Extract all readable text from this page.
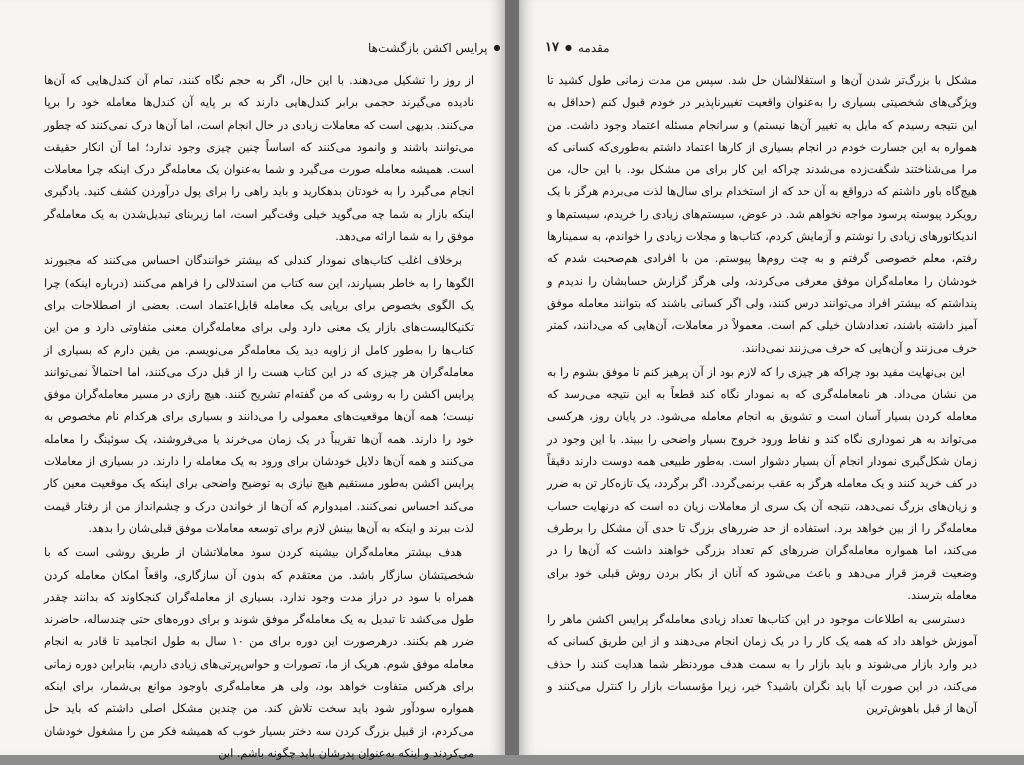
●
پرایس اکشن بازگشت‌ها

از روز را تشکیل می‌دهند. با این حال، اگر به حجم نگاه کنند، تمام آن کندل‌هایی که آن‌ها نادیده می‌گیرند حجمی برابر کندل‌هایی دارند که بر پایه آن کندل‌ها معامله خود را برپا می‌کنند. بدیهی است که معاملات زیادی در حال انجام است، اما آن‌ها درک نمی‌کنند که چطور می‌توانند باشند و وانمود می‌کنند که اساساً چنین چیزی وجود ندارد؛ اما آن انکار حقیقت است. همیشه معامله صورت می‌گیرد و شما به‌عنوان یک معامله‌گر درک اینکه چرا معاملات انجام می‌گیرد را به خودتان بدهکارید و باید راهی را برای پول درآوردن کشف کنید. یادگیری اینکه بازار به شما چه می‌گوید خیلی وقت‌گیر است، اما زیربنای تبدیل‌شدن به یک معامله‌گر موفق را به شما ارائه می‌دهد.

برخلاف اغلب کتاب‌های نمودار کندلی که بیشتر خوانندگان احساس می‌کنند که مجبورند الگوها را به خاطر بسپارند، این سه کتاب من استدلالی را فراهم می‌کنند (درباره اینکه) چرا یک الگوی بخصوص برای برپایی یک معامله قابل‌اعتماد است. بعضی از اصطلاحات برای تکنیکالیست‌های بازار یک معنی دارد ولی برای معامله‌گران معنی متفاوتی دارد و من این کتاب‌ها را به‌طور کامل از زاویه دید یک معامله‌گر می‌نویسم. من یقین دارم که بسیاری از معامله‌گران هر چیزی که در این کتاب هست را از قبل درک می‌کنند، اما احتمالاً نمی‌توانند پرایس اکشن را به روشی که من گفته‌ام تشریح کنند. هیچ رازی در مسیر معامله‌گران موفق نیست؛ همه آن‌ها موقعیت‌های معمولی را می‌دانند و بسیاری برای هرکدام نام مخصوص به خود را دارند. همه آن‌ها تقریباً در یک زمان می‌خرند یا می‌فروشند، یک سوئینگ را معامله می‌کنند و همه آن‌ها دلایل خودشان برای ورود به یک معامله را دارند. در بسیاری از معاملات پرایس اکشن به‌طور مستقیم هیچ نیازی به توضیح واضحی برای اینکه یک موقعیت معین کار می‌کند احساس نمی‌کنند. امیدوارم که آن‌ها از خواندن درک و چشم‌انداز من از رفتار قیمت لذت ببرند و اینکه به آن‌ها بینش لازم برای توسعه معاملات موفق قبلی‌شان را بدهد.

هدف بیشتر معامله‌گران بیشینه کردن سود معاملاتشان از طریق روشی است که با شخصیتشان سازگار باشد. من معتقدم که بدون آن سازگاری، واقعاً امکان معامله کردن همراه با سود در دراز مدت وجود ندارد. بسیاری از معامله‌گران کنجکاوند که بدانند چقدر طول می‌کشد تا تبدیل به یک معامله‌گر موفق شوند و برای دوره‌های حتی چندساله، حاضرند ضرر هم بکنند. درهرصورت این دوره برای من ۱۰ سال به طول انجامید تا قادر به انجام معامله موفق شوم. هریک از ما، تصورات و حواس‌پرتی‌های زیادی داریم، بنابراین دوره زمانی برای هرکس متفاوت خواهد بود، ولی هر معامله‌گری باوجود موانع بی‌شمار، برای اینکه همواره سودآور شود باید سخت تلاش کند. من چندین مشکل اصلی داشتم که باید حل می‌کردم، از قبیل بزرگ کردن سه دختر بسیار خوب که همیشه فکر من را مشغول خودشان می‌کردند و اینکه به‌عنوان پدرشان باید چگونه باشم. این

مقدمه
●
۱۷

مشکل با بزرگ‌تر شدن آن‌ها و استقلالشان حل شد. سپس من مدت زمانی طول کشید تا ویژگی‌های شخصیتی بسیاری را به‌عنوان واقعیت تغییرناپذیر در خودم قبول کنم (حداقل به این نتیجه رسیدم که مایل به تغییر آن‌ها نیستم) و سرانجام مسئله اعتماد وجود داشت. من همواره به این جسارت خودم در انجام بسیاری از کارها اعتماد داشتم به‌طوری‌که کسانی که مرا می‌شناختند شگفت‌زده می‌شدند چراکه این کار برای من مشکل بود. با این حال، من هیچ‌گاه باور داشتم که درواقع به آن حد که از استخدام برای سال‌ها لذت می‌بردم هرگز با یک رویکرد پیوسته پرسود مواجه نخواهم شد. در عوض، سیستم‌های زیادی را خریدم، سیستم‌ها و اندیکاتورهای زیادی را نوشتم و آزمایش کردم، کتاب‌ها و مجلات زیادی را خواندم، به سمینارها رفتم، معلم خصوصی گرفتم و به چت روم‌ها پیوستم. من با افرادی هم‌صحبت شدم که خودشان را معامله‌گران موفق معرفی می‌کردند، ولی هرگز گزارش حسابشان را ندیدم و پنداشتم که بیشتر افراد می‌توانند درس کنند، ولی اگر کسانی باشند که بتوانند معامله موفق آمیز داشته باشند، تعدادشان خیلی کم است. معمولاً در معاملات، آن‌هایی که می‌دانند، کمتر حرف می‌زنند و آن‌هایی که حرف می‌زنند نمی‌دانند.

این بی‌نهایت مفید بود چراکه هر چیزی را که لازم بود از آن پرهیز کنم تا موفق بشوم را به من نشان می‌داد. هر نامعامله‌گری که به نمودار نگاه کند قطعاً به این نتیجه می‌رسد که معامله کردن بسیار آسان است و تشویق به انجام معامله می‌شود. در پایان روز، هرکسی می‌تواند به هر نموداری نگاه کند و نقاط ورود خروج بسیار واضحی را ببیند. با این وجود در زمان شکل‌گیری نمودار انجام آن بسیار دشوار است. به‌طور طبیعی همه دوست دارند دقیقاً در کف خرید کنند و یک معامله هرگز به عقب برنمی‌گردد. اگر برگردد، یک تازه‌کار تن به ضرر و زیان‌های بزرگ نمی‌دهد، نتیجه آن یک سری از معاملات زیان ده است که درنهایت حساب معامله‌گر را از بین خواهد برد. استفاده از حد ضررهای بزرگ تا حدی آن مشکل را برطرف می‌کند، اما همواره معامله‌گران ضررهای کم تعداد بزرگی خواهند داشت که آن‌ها را در وضعیت قرمز قرار می‌دهد و باعث می‌شود که آنان از بکار بردن روش قبلی خود برای معامله بترسند.

دسترسی به اطلاعات موجود در این کتاب‌ها تعداد زیادی معامله‌گر پرایس اکشن ماهر را آموزش خواهد داد که همه یک کار را در یک زمان انجام می‌دهند و از این طریق کسانی که دیر وارد بازار می‌شوند و باید بازار را به سمت هدف موردنظر شما هدایت کنند را حذف می‌کند، در این صورت آیا باید نگران باشید؟ خیر، زیرا مؤسسات بازار را کنترل می‌کنند و آن‌ها از قبل باهوش‌ترین
